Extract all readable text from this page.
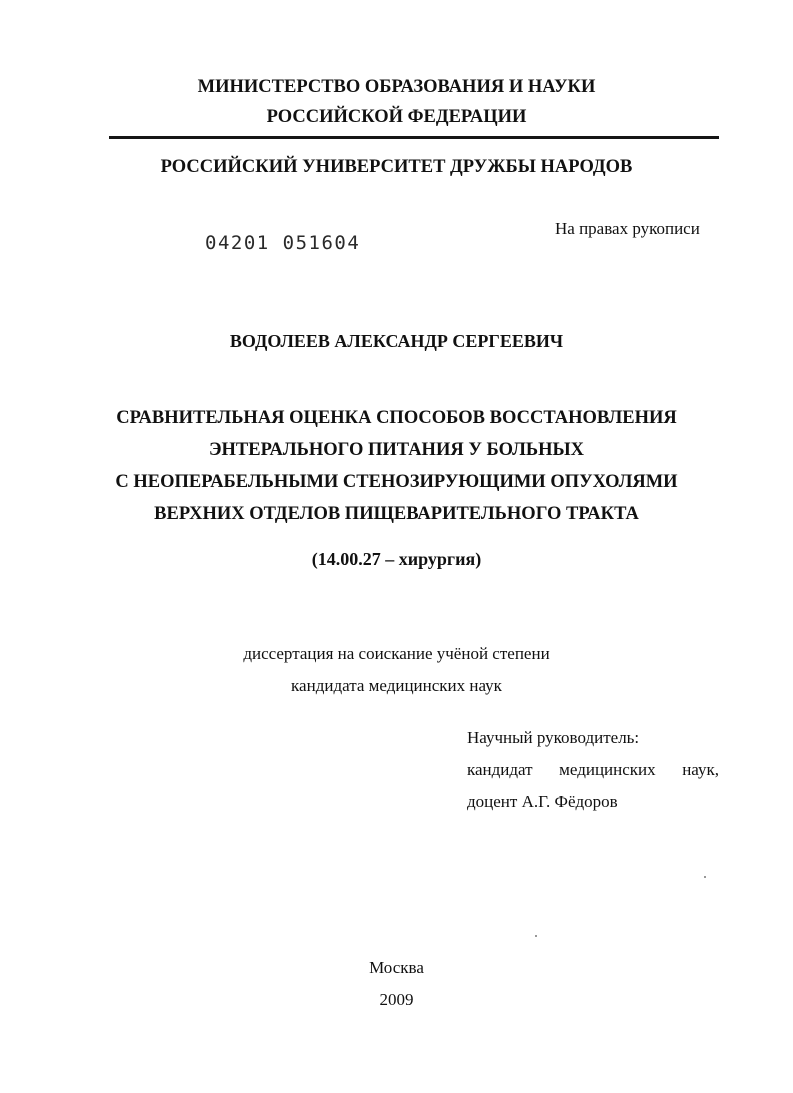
МИНИСТЕРСТВО ОБРАЗОВАНИЯ И НАУКИ
РОССИЙСКОЙ ФЕДЕРАЦИИ
РОССИЙСКИЙ УНИВЕРСИТЕТ ДРУЖБЫ НАРОДОВ
04201 051604
На правах рукописи
ВОДОЛЕЕВ АЛЕКСАНДР СЕРГЕЕВИЧ
СРАВНИТЕЛЬНАЯ ОЦЕНКА СПОСОБОВ ВОССТАНОВЛЕНИЯ
ЭНТЕРАЛЬНОГО ПИТАНИЯ У БОЛЬНЫХ
С НЕОПЕРАБЕЛЬНЫМИ СТЕНОЗИРУЮЩИМИ ОПУХОЛЯМИ
ВЕРХНИХ ОТДЕЛОВ ПИЩЕВАРИТЕЛЬНОГО ТРАКТА
(14.00.27 – хирургия)
диссертация на соискание учёной степени
кандидата медицинских наук
Научный руководитель:
кандидат медицинских наук,
доцент А.Г. Фёдоров
Москва
2009
